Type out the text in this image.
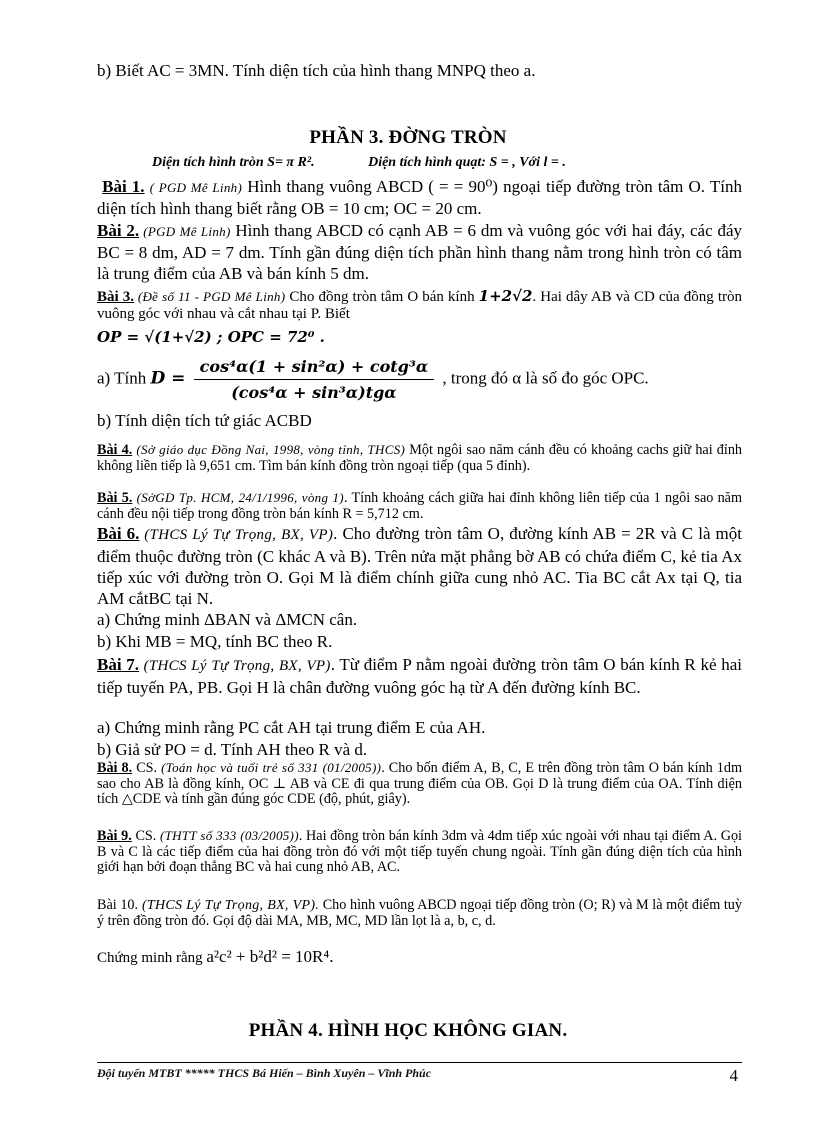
b) Biết AC = 3MN. Tính diện tích của hình thang MNPQ theo a.
PHẦN 3. ĐỜNG TRÒN
Diện tích hình tròn S= π R².	Diện tích hình quạt: S = , Với l = .
Bài 1. ( PGD Mê Linh) Hình thang vuông ABCD ( = = 90⁰) ngoại tiếp đường tròn tâm O. Tính diện tích hình thang biết rằng OB = 10 cm; OC = 20 cm.
Bài 2. (PGD Mê Linh) Hình thang ABCD có cạnh AB = 6 dm và vuông góc với hai đáy, các đáy BC = 8 dm, AD = 7 dm. Tính gần đúng diện tích phần hình thang nằm trong hình tròn có tâm là trung điểm của AB và bán kính 5 dm.
Bài 3. (Đề số 11 - PGD Mê Linh) Cho đồng tròn tâm O bán kính 1+2√2. Hai dây AB và CD của đồng tròn vuông góc với nhau và cắt nhau tại P. Biết
OP = √(1+√2) ; OPC = 72⁰ .
a) Tính $D = \frac{\text{cos⁴α(1 + sin²α) + cotg³α}}{\text{(cos⁴α + sin³α)tgα}}$ , trong đó α là số đo góc OPC.
b) Tính diện tích tứ giác ACBD
Bài 4. (Sở giáo dục Đồng Nai, 1998, vòng tỉnh, THCS) Một ngôi sao năm cánh đều có khoảng cachs giữ hai đỉnh không liền tiếp là 9,651 cm. Tìm bán kính đồng tròn ngoại tiếp (qua 5 đỉnh).
Bài 5. (SởGD Tp. HCM, 24/1/1996, vòng 1). Tính khoảng cách giữa hai đỉnh không liên tiếp của 1 ngôi sao năm cánh đều nội tiếp trong đồng tròn bán kính R = 5,712 cm.
Bài 6. (THCS Lý Tự Trọng, BX, VP). Cho đường tròn tâm O, đường kính AB = 2R và C là một điểm thuộc đường tròn (C khác A và B). Trên nửa mặt phẳng bờ AB có chứa điểm C, kẻ tia Ax tiếp xúc với đường tròn O. Gọi M là điểm chính giữa cung nhỏ AC. Tia BC cắt Ax tại Q, tia AM cắtBC tại N.
a) Chứng minh ΔBAN và ΔMCN cân.
b) Khi MB = MQ, tính BC theo R.
Bài 7. (THCS Lý Tự Trọng, BX, VP). Từ điểm P nằm ngoài đường tròn tâm O bán kính R kẻ hai tiếp tuyến PA, PB. Gọi H là chân đường vuông góc hạ từ A đến đường kính BC.
a) Chứng minh rằng PC cắt AH tại trung điểm E của AH.
b) Giả sử PO = d. Tính AH theo R và d.
Bài 8. CS. (Toán học và tuổi trẻ số 331 (01/2005)). Cho bốn điểm A, B, C, E trên đồng tròn tâm O bán kính 1dm sao cho AB là đồng kính, OC ⊥ AB và CE đi qua trung điểm của OB. Gọi D là trung điểm của OA. Tính diện tích △CDE và tính gần đúng góc CDE (độ, phút, giây).
Bài 9. CS. (THTT số 333 (03/2005)). Hai đồng tròn bán kính 3dm và 4dm tiếp xúc ngoài với nhau tại điểm A. Gọi B và C là các tiếp điểm của hai đồng tròn đó với một tiếp tuyến chung ngoài. Tính gần đúng diện tích của hình giới hạn bởi đoạn thẳng BC và hai cung nhỏ AB, AC.
Bài 10. (THCS Lý Tự Trọng, BX, VP). Cho hình vuông ABCD ngoại tiếp đồng tròn (O; R) và M là một điểm tuỳ ý trên đồng tròn đó. Gọi độ dài MA, MB, MC, MD lần lọt là a, b, c, d.
Chứng minh rằng a²c² + b²d² = 10R⁴.
PHẦN 4. HÌNH HỌC KHÔNG GIAN.
Đội tuyển MTBT ***** THCS Bá Hiến – Bình Xuyên – Vĩnh Phúc	4
